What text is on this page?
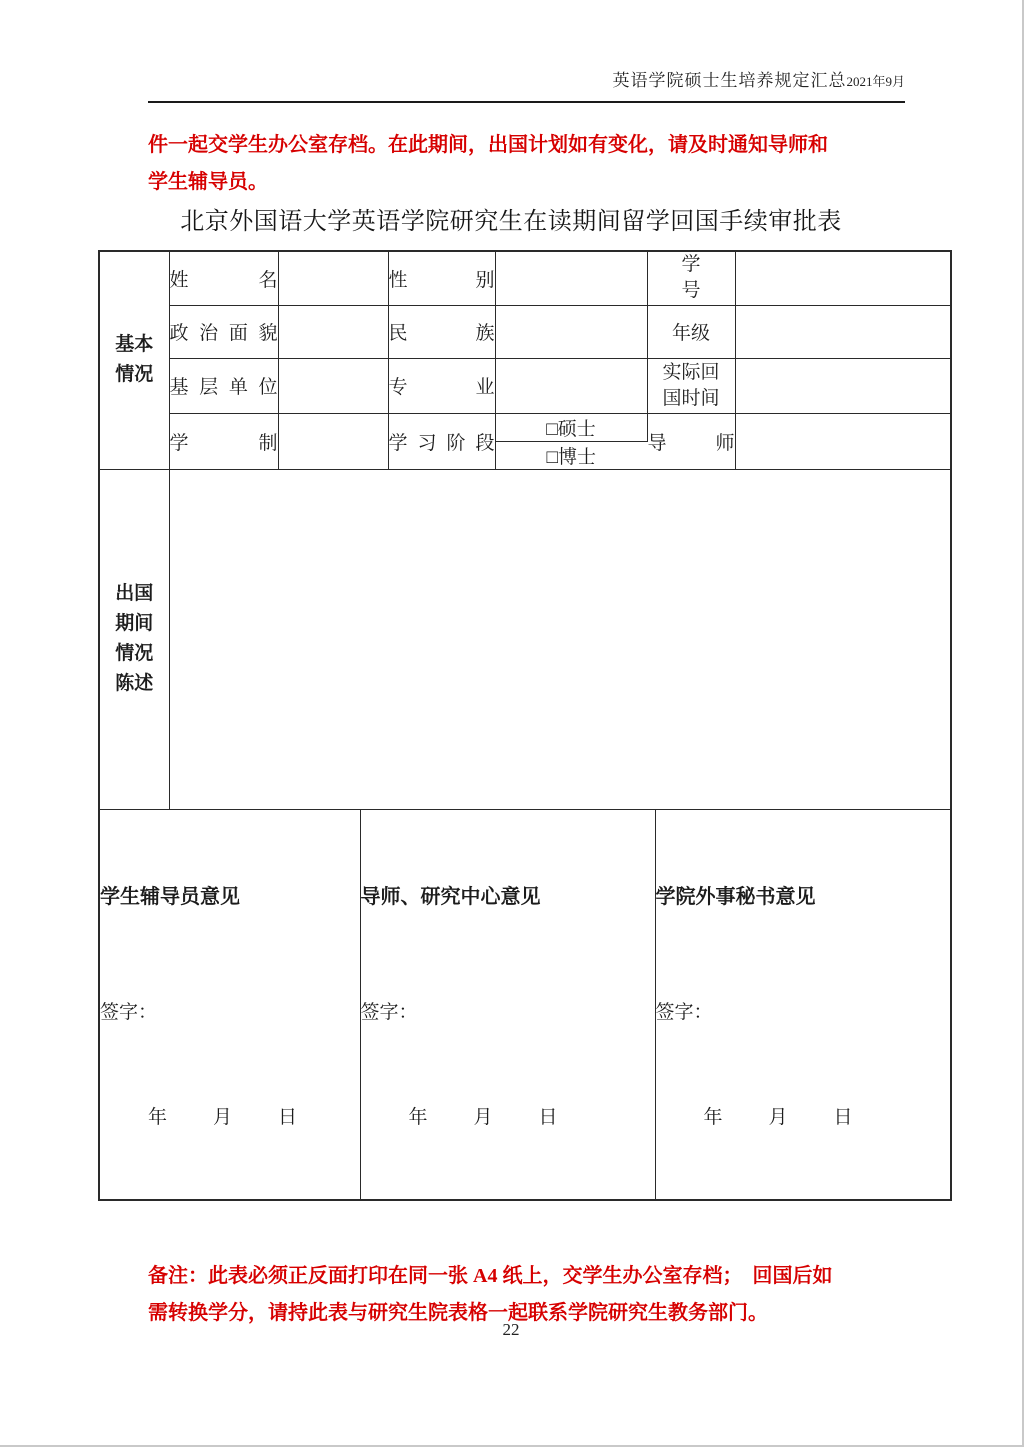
英语学院硕士生培养规定汇总2021年9月
件一起交学生办公室存档。在此期间，出国计划如有变化，请及时通知导师和
学生辅导员。
北京外国语大学英语学院研究生在读期间留学回国手续审批表
基本
情况	姓名		性别		学
号	
	政治面貌		民族		年级	
	基层单位		专业		实际回
国时间	
	学制		学习阶段	□硕士	导师	
				□博士		
出国
期间
情况
陈述	
学生辅导员意见
签字：
年 月 日

导师、研究中心意见
签字：
年 月 日

学院外事秘书意见
签字：
年 月 日
备注：此表必须正反面打印在同一张 A4 纸上，交学生办公室存档；  回国后如
需转换学分，请持此表与研究生院表格一起联系学院研究生教务部门。
22
